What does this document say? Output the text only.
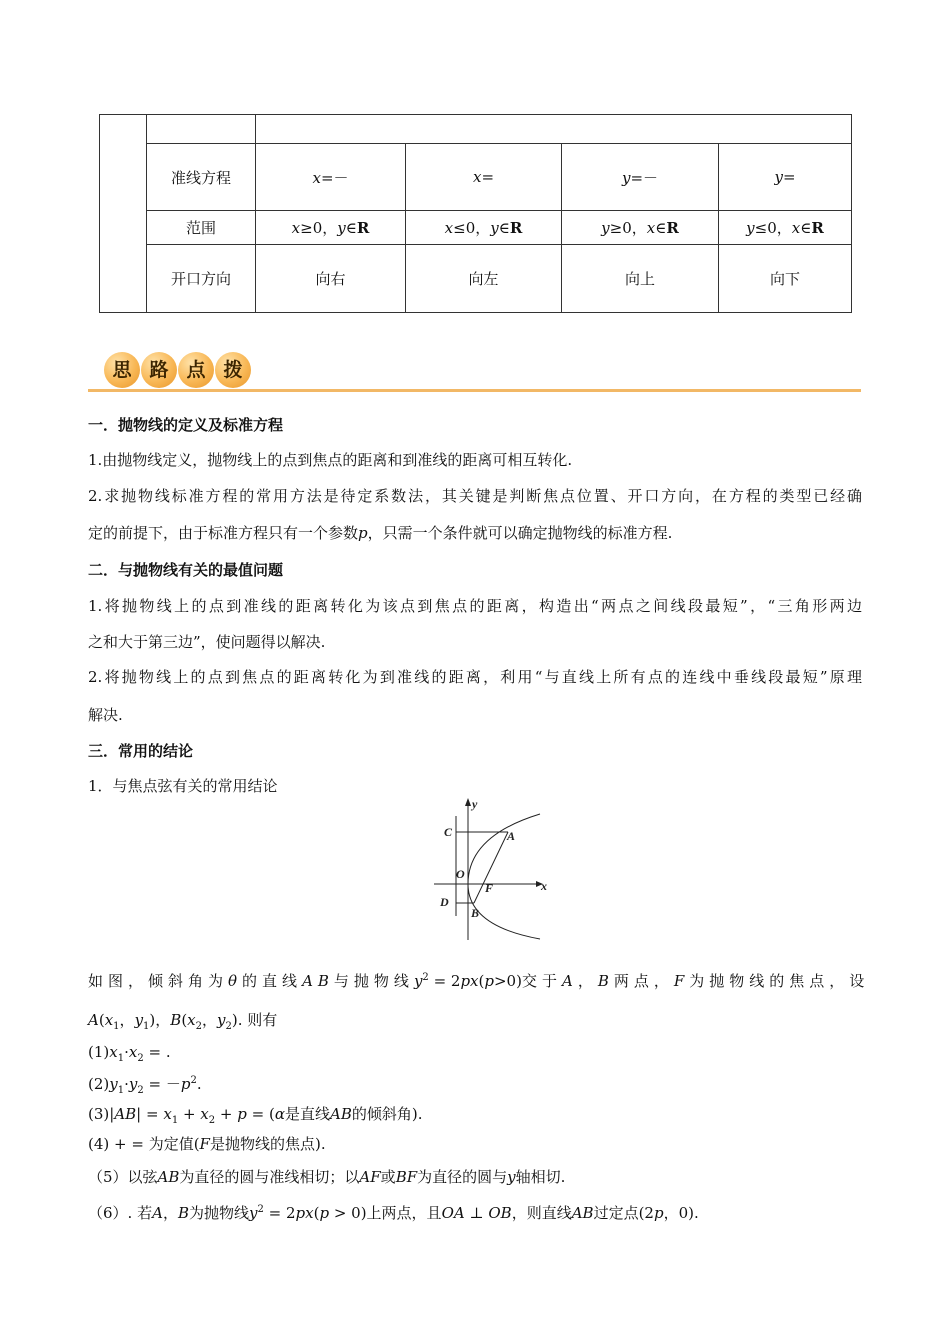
	准线方程	x=－	x=	y=－	y=
	范围	x≥0，y∈R	x≤0，y∈R	y≥0，x∈R	y≤0，x∈R
	开口方向	向右	向左	向上	向下
思 路 点 拨
一．抛物线的定义及标准方程
1.由抛物线定义，抛物线上的点到焦点的距离和到准线的距离可相互转化.
2.求抛物线标准方程的常用方法是待定系数法，其关键是判断焦点位置、开口方向，在方程的类型已经确
定的前提下，由于标准方程只有一个参数p，只需一个条件就可以确定抛物线的标准方程.
二．与抛物线有关的最值问题
1.将抛物线上的点到准线的距离转化为该点到焦点的距离，构造出“两点之间线段最短”，“三角形两边
之和大于第三边”，使问题得以解决.
2.将抛物线上的点到焦点的距离转化为到准线的距离，利用“与直线上所有点的连线中垂线段最短”原理
解决.
三．常用的结论
1．与焦点弦有关的常用结论
y
x
C	A
O
F
D
B
如图，倾斜角为θ的直线AB与抛物线$y^2 = 2px(p>0)$交于A，B两点，F为抛物线的焦点，设
$A(x_1$，$y_1$)，$B(x_2$，$y_2$). 则有
$(1)x_1\cdot x_2$ = .
$(2)y_1\cdot y_2 = -p^2$.
$(3)|AB| = x_1 + x_2 + p = (\alpha$是直线AB的倾斜角).
(4) + = 为定值(F是抛物线的焦点).
（5）以弦AB为直径的圆与准线相切；以AF或BF为直径的圆与y轴相切.
（6）. 若A，B为抛物线$y^2 = 2px(p > 0)$上两点，且OA ⊥ OB，则直线AB过定点(2p，0).
